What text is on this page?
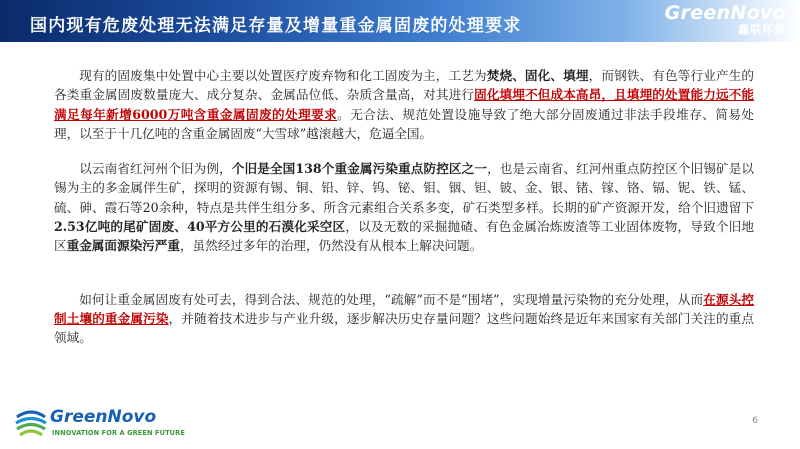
国内现有危废处理无法满足存量及增量重金属固废的处理要求
GreenNovo
鑫联环保

现有的固废集中处置中心主要以处置医疗废弃物和化工固废为主，工艺为焚烧、固化、填埋，而钢铁、有色等行业产生的各类重金属固废数量庞大、成分复杂、金属品位低、杂质含量高，对其进行固化填埋不但成本高昂，且填埋的处置能力远不能满足每年新增6000万吨含重金属固废的处理要求。无合法、规范处置设施导致了绝大部分固废通过非法手段堆存、简易处理，以至于十几亿吨的含重金属固废“大雪球”越滚越大，危逼全国。

以云南省红河州个旧为例，个旧是全国138个重金属污染重点防控区之一，也是云南省、红河州重点防控区个旧锡矿是以锡为主的多金属伴生矿，探明的资源有锡、铜、铅、锌、钨、铋、钼、铟、钽、铍、金、银、锗、镓、铬、镉、铌、铁、锰、硫、砷、霞石等20余种，特点是共伴生组分多、所含元素组合关系多变，矿石类型多样。长期的矿产资源开发，给个旧遗留下2.53亿吨的尾矿固废、40平方公里的石漠化采空区，以及无数的采掘抛碴、有色金属冶炼废渣等工业固体废物，导致个旧地区重金属面源染污严重，虽然经过多年的治理，仍然没有从根本上解决问题。

如何让重金属固废有处可去，得到合法、规范的处理，“疏解”而不是“围堵”，实现增量污染物的充分处理，从而在源头控制土壤的重金属污染，并随着技术进步与产业升级，逐步解决历史存量问题？这些问题始终是近年来国家有关部门关注的重点领域。

GreenNovo
INNOVATION FOR A GREEN FUTURE
6
